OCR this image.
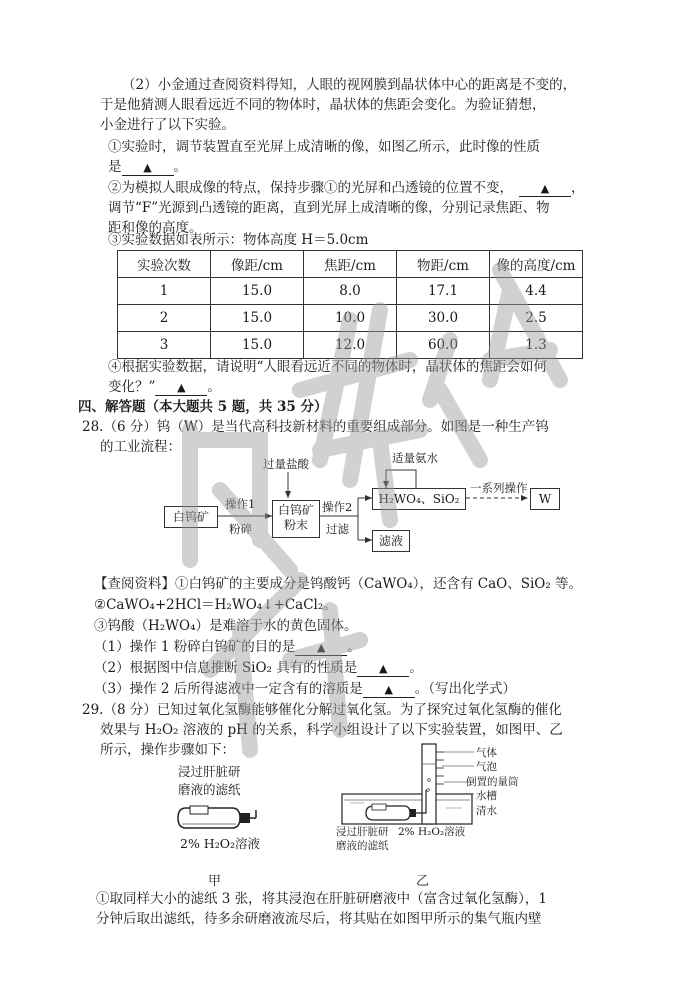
（2）小金通过查阅资料得知，人眼的视网膜到晶状体中心的距离是不变的，
于是他猜测人眼看远近不同的物体时，晶状体的焦距会变化。为验证猜想，
小金进行了以下实验。
①实验时，调节装置直至光屏上成清晰的像，如图乙所示，此时像的性质
是 ▲ 。
②为模拟人眼成像的特点，保持步骤①的光屏和凸透镜的位置不变，	▲ ，
调节“F”光源到凸透镜的距离，直到光屏上成清晰的像，分别记录焦距、物
距和像的高度。
③实验数据如表所示：物体高度 H＝5.0cm
实验次数	像距/cm	焦距/cm	物距/cm	像的高度/cm
1	15.0	8.0	17.1	4.4
2	15.0	10.0	30.0	2.5
3	15.0	12.0	60.0	1.3
④根据实验数据，请说明“人眼看远近不同的物体时，晶状体的焦距会如何
变化？” ▲ 。
四、解答题（本大题共 5 题，共 35 分）
28.（6 分）钨（W）是当代高科技新材料的重要组成部分。如图是一种生产钨
的工业流程：
白钨矿
操作1
粉碎
白钨矿
粉末
过量盐酸
操作2
过滤
H₂WO₄、SiO₂
适量氨水
一系列操作
W
滤液
【查阅资料】①白钨矿的主要成分是钨酸钙（CaWO₄），还含有 CaO、SiO₂ 等。
②CaWO₄+2HCl＝H₂WO₄↓+CaCl₂。
③钨酸（H₂WO₄）是难溶于水的黄色固体。
（1）操作 1 粉碎白钨矿的目的是 ▲ 。
（2）根据图中信息推断 SiO₂ 具有的性质是 ▲ 。
（3）操作 2 后所得滤液中一定含有的溶质是 ▲ 。（写出化学式）
29.（8 分）已知过氧化氢酶能够催化分解过氧化氢。为了探究过氧化氢酶的催化
效果与 H₂O₂ 溶液的 pH 的关系，科学小组设计了以下实验装置，如图甲、乙
所示，操作步骤如下：
浸过肝脏研
磨液的滤纸
2% H₂O₂溶液
甲
气体
气泡
倒置的量筒
水槽
清水
浸过肝脏研
磨液的滤纸
2% H₂O₂溶液
乙
①取同样大小的滤纸 3 张，将其浸泡在肝脏研磨液中（富含过氧化氢酶），1
分钟后取出滤纸，待多余研磨液流尽后，将其贴在如图甲所示的集气瓶内壁
